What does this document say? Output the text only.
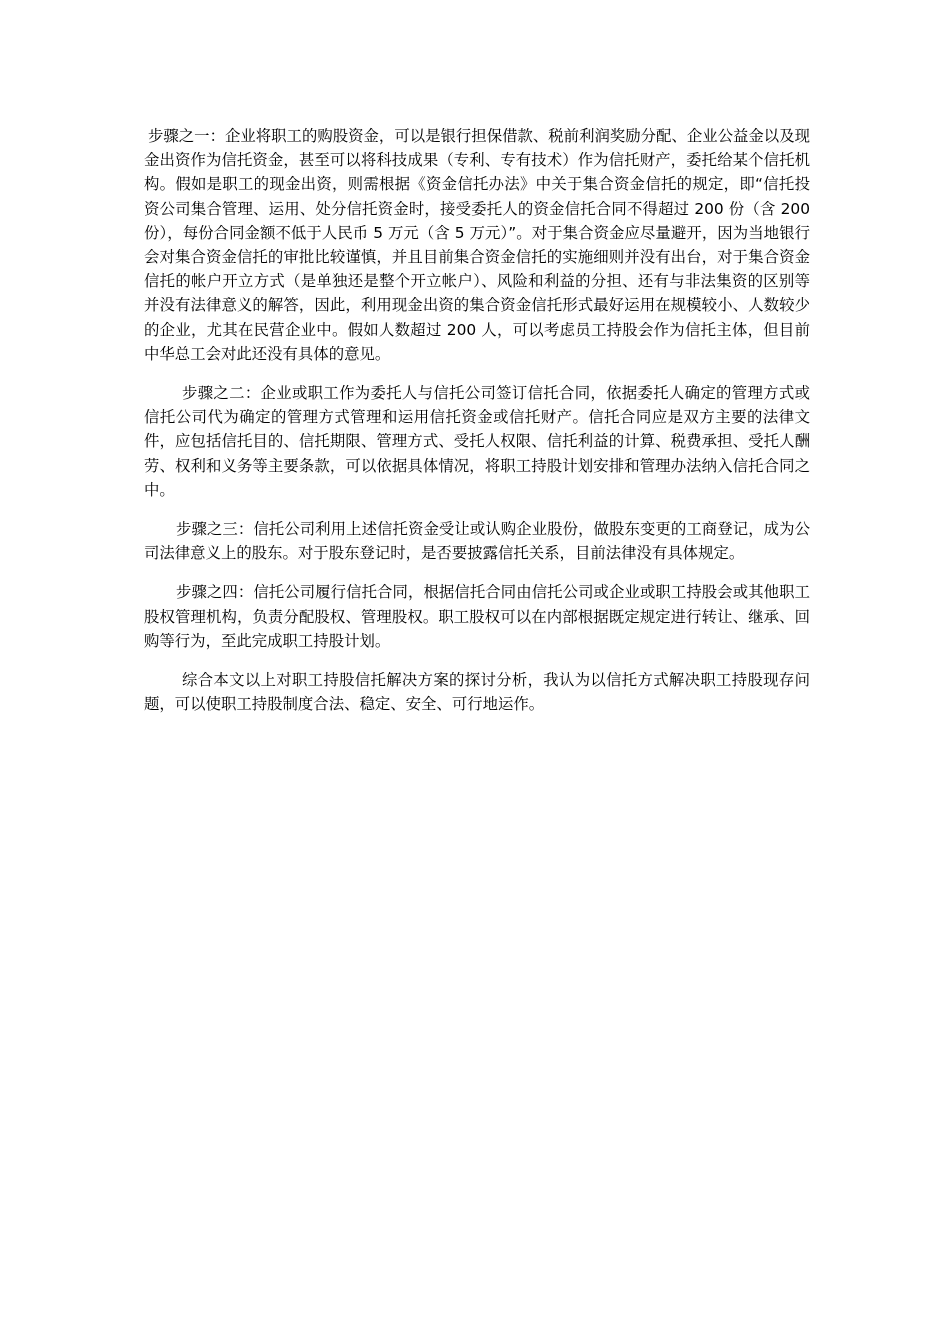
步骤之一：企业将职工的购股资金，可以是银行担保借款、税前利润奖励分配、企业公益金以及现金出资作为信托资金，甚至可以将科技成果（专利、专有技术）作为信托财产，委托给某个信托机构。假如是职工的现金出资，则需根据《资金信托办法》中关于集合资金信托的规定，即“信托投资公司集合管理、运用、处分信托资金时，接受委托人的资金信托合同不得超过 200 份（含 200 份），每份合同金额不低于人民币 5 万元（含 5 万元）”。对于集合资金应尽量避开，因为当地银行会对集合资金信托的审批比较谨慎，并且目前集合资金信托的实施细则并没有出台，对于集合资金信托的帐户开立方式（是单独还是整个开立帐户）、风险和利益的分担、还有与非法集资的区别等并没有法律意义的解答，因此，利用现金出资的集合资金信托形式最好运用在规模较小、人数较少的企业，尤其在民营企业中。假如人数超过 200 人，可以考虑员工持股会作为信托主体，但目前中华总工会对此还没有具体的意见。

步骤之二：企业或职工作为委托人与信托公司签订信托合同，依据委托人确定的管理方式或信托公司代为确定的管理方式管理和运用信托资金或信托财产。信托合同应是双方主要的法律文件，应包括信托目的、信托期限、管理方式、受托人权限、信托利益的计算、税费承担、受托人酬劳、权利和义务等主要条款，可以依据具体情况，将职工持股计划安排和管理办法纳入信托合同之中。

步骤之三：信托公司利用上述信托资金受让或认购企业股份，做股东变更的工商登记，成为公司法律意义上的股东。对于股东登记时，是否要披露信托关系，目前法律没有具体规定。

步骤之四：信托公司履行信托合同，根据信托合同由信托公司或企业或职工持股会或其他职工股权管理机构，负责分配股权、管理股权。职工股权可以在内部根据既定规定进行转让、继承、回购等行为，至此完成职工持股计划。

综合本文以上对职工持股信托解决方案的探讨分析，我认为以信托方式解决职工持股现存问题，可以使职工持股制度合法、稳定、安全、可行地运作。
